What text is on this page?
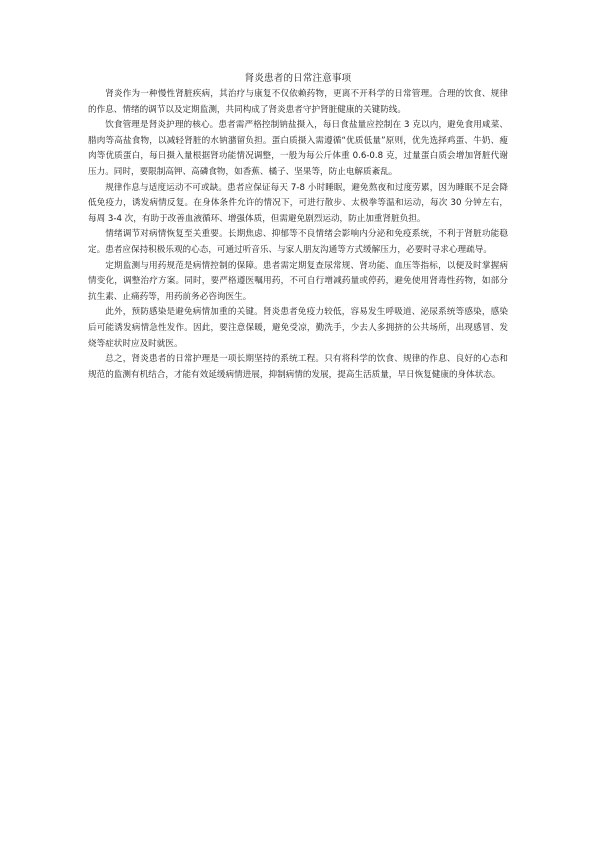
肾炎患者的日常注意事项

肾炎作为一种慢性肾脏疾病，其治疗与康复不仅依赖药物，更离不开科学的日常管理。合理的饮食、规律的作息、情绪的调节以及定期监测，共同构成了肾炎患者守护肾脏健康的关键防线。

饮食管理是肾炎护理的核心。患者需严格控制钠盐摄入，每日食盐量应控制在 3 克以内，避免食用咸菜、腊肉等高盐食物，以减轻肾脏的水钠潴留负担。蛋白质摄入需遵循“优质低量”原则，优先选择鸡蛋、牛奶、瘦肉等优质蛋白，每日摄入量根据肾功能情况调整，一般为每公斤体重 0.6-0.8 克，过量蛋白质会增加肾脏代谢压力。同时，要限制高钾、高磷食物，如香蕉、橘子、坚果等，防止电解质紊乱。

规律作息与适度运动不可或缺。患者应保证每天 7-8 小时睡眠，避免熬夜和过度劳累，因为睡眠不足会降低免疫力，诱发病情反复。在身体条件允许的情况下，可进行散步、太极拳等温和运动，每次 30 分钟左右，每周 3-4 次，有助于改善血液循环、增强体质，但需避免剧烈运动，防止加重肾脏负担。

情绪调节对病情恢复至关重要。长期焦虑、抑郁等不良情绪会影响内分泌和免疫系统，不利于肾脏功能稳定。患者应保持积极乐观的心态，可通过听音乐、与家人朋友沟通等方式缓解压力，必要时寻求心理疏导。

定期监测与用药规范是病情控制的保障。患者需定期复查尿常规、肾功能、血压等指标，以便及时掌握病情变化，调整治疗方案。同时，要严格遵医嘱用药，不可自行增减药量或停药，避免使用肾毒性药物，如部分抗生素、止痛药等，用药前务必咨询医生。

此外，预防感染是避免病情加重的关键。肾炎患者免疫力较低，容易发生呼吸道、泌尿系统等感染，感染后可能诱发病情急性发作。因此，要注意保暖，避免受凉，勤洗手，少去人多拥挤的公共场所，出现感冒、发烧等症状时应及时就医。

总之，肾炎患者的日常护理是一项长期坚持的系统工程。只有将科学的饮食、规律的作息、良好的心态和规范的监测有机结合，才能有效延缓病情进展，抑制病情的发展，提高生活质量，早日恢复健康的身体状态。
